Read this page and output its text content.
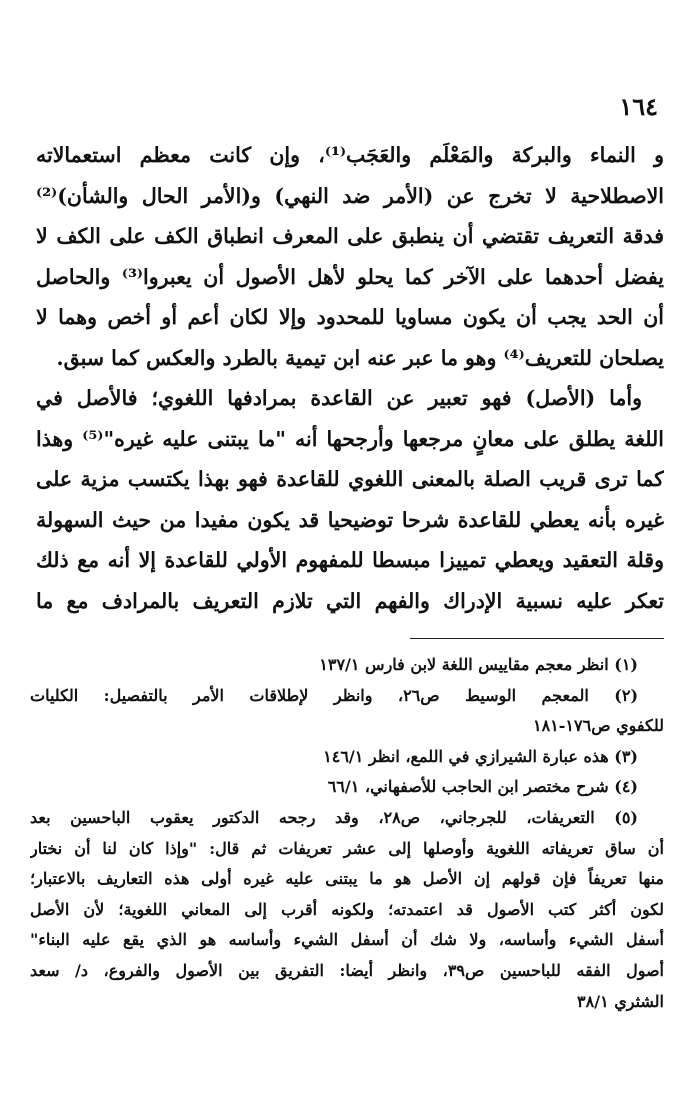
١٦٤
و النماء والبركة والمَعْلَم والعَجَب⁽¹⁾، وإن كانت معظم استعمالاته
الاصطلاحية لا تخرج عن (الأمر ضد النهي) و(الأمر الحال والشأن)⁽²⁾
فدقة التعريف تقتضي أن ينطبق على المعرف انطباق الكف على الكف لا
يفضل أحدهما على الآخر كما يحلو لأهل الأصول أن يعبروا⁽³⁾ والحاصل
أن الحد يجب أن يكون مساويا للمحدود وإلا لكان أعم أو أخص وهما لا
يصلحان للتعريف⁽⁴⁾ وهو ما عبر عنه ابن تيمية بالطرد والعكس كما سبق.
وأما (الأصل) فهو تعبير عن القاعدة بمرادفها اللغوي؛ فالأصل في
اللغة يطلق على معانٍ مرجعها وأرجحها أنه "ما يبتنى عليه غيره"⁽⁵⁾ وهذا
كما ترى قريب الصلة بالمعنى اللغوي للقاعدة فهو بهذا يكتسب مزية على
غيره بأنه يعطي للقاعدة شرحا توضيحيا قد يكون مفيدا من حيث السهولة
وقلة التعقيد ويعطي تمييزا مبسطا للمفهوم الأولي للقاعدة إلا أنه مع ذلك
تعكر عليه نسبية الإدراك والفهم التي تلازم التعريف بالمرادف مع ما
(١) انظر معجم مقاييس اللغة لابن فارس ١٣٧/١
(٢) المعجم الوسيط ص٢٦، وانظر لإطلاقات الأمر بالتفصيل: الكليات
للكفوي ص١٧٦-١٨١
(٣) هذه عبارة الشيرازي في اللمع، انظر ١٤٦/١
(٤) شرح مختصر ابن الحاجب للأصفهاني، ٦٦/١
(٥) التعريفات، للجرجاني، ص٢٨، وقد رجحه الدكتور يعقوب الباحسين بعد
أن ساق تعريفاته اللغوية وأوصلها إلى عشر تعريفات ثم قال: "وإذا كان لنا أن نختار
منها تعريفاً فإن قولهم إن الأصل هو ما يبتنى عليه غيره أولى هذه التعاريف بالاعتبار؛
لكون أكثر كتب الأصول قد اعتمدته؛ ولكونه أقرب إلى المعاني اللغوية؛ لأن الأصل
أسفل الشيء وأساسه، ولا شك أن أسفل الشيء وأساسه هو الذي يقع عليه البناء"
أصول الفقه للباحسين ص٣٩، وانظر أيضا: التفريق بين الأصول والفروع، د/ سعد
الشثري ٣٨/١
